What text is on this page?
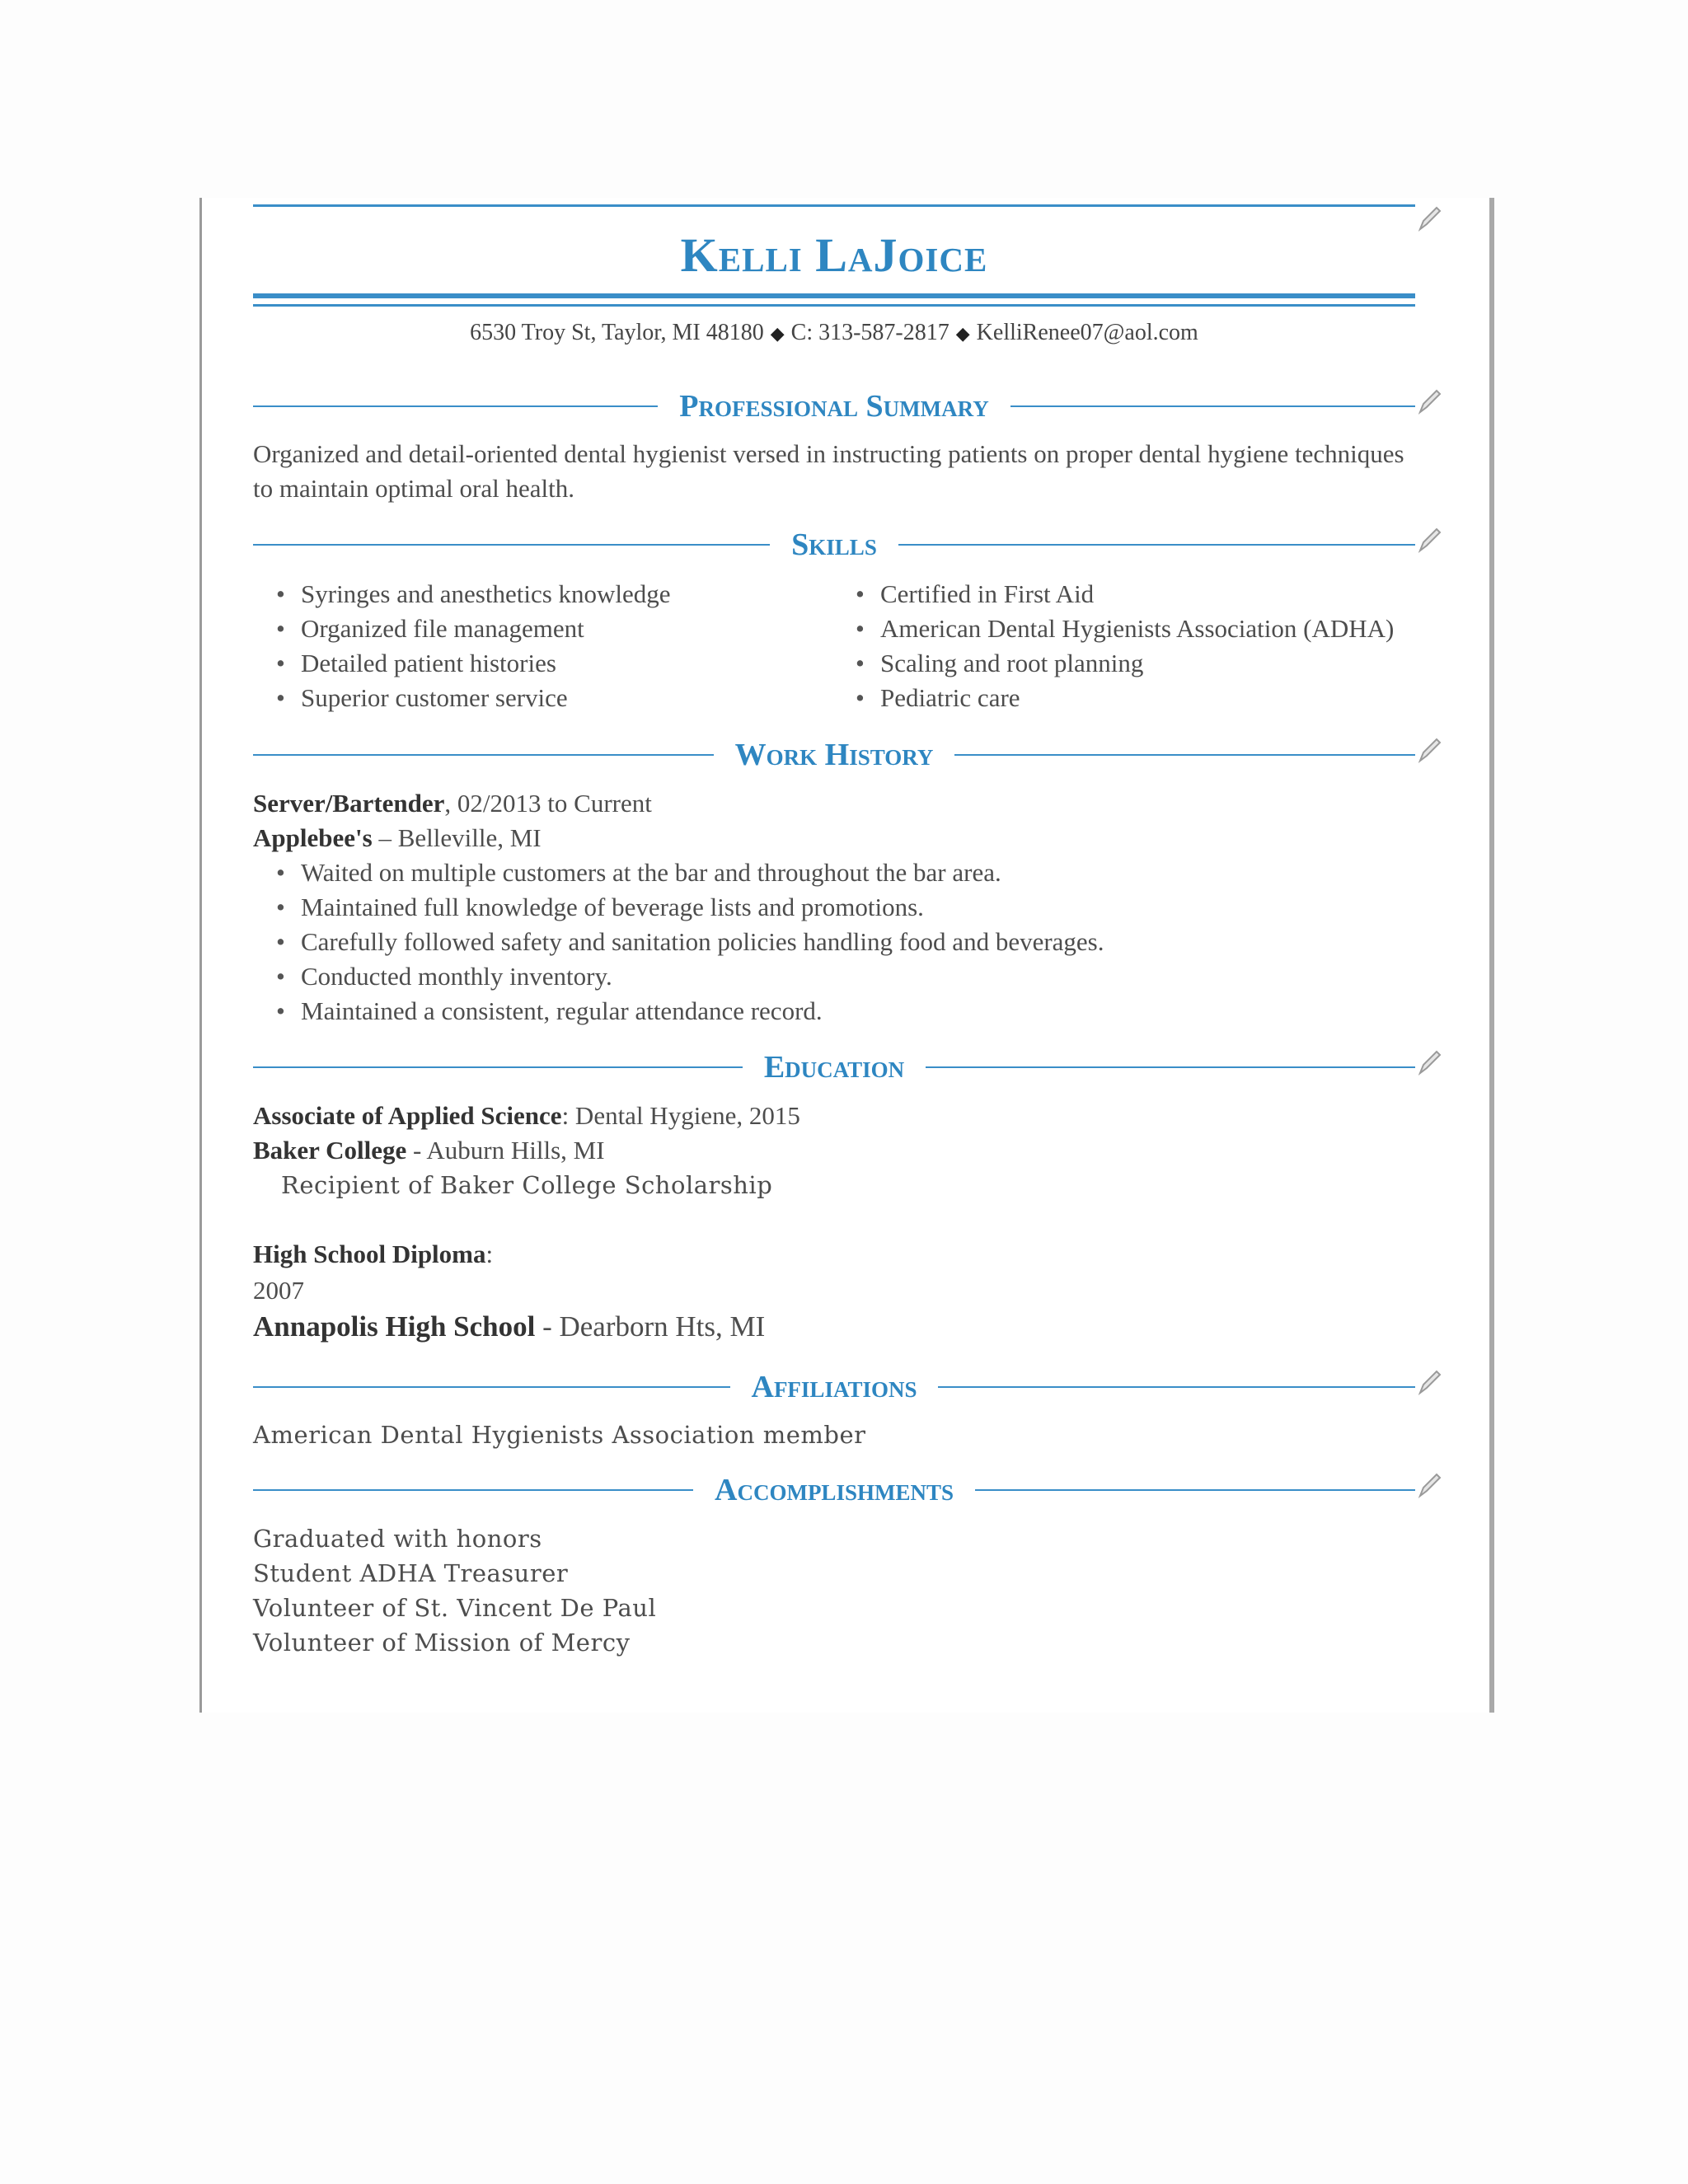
Kelli LaJoice
6530 Troy St, Taylor, MI 48180 ◆ C: 313-587-2817 ◆ KelliRenee07@aol.com
Professional Summary
Organized and detail-oriented dental hygienist versed in instructing patients on proper dental hygiene techniques to maintain optimal oral health.
Skills
• Syringes and anesthetics knowledge
• Organized file management
• Detailed patient histories
• Superior customer service
• Certified in First Aid
• American Dental Hygienists Association (ADHA)
• Scaling and root planning
• Pediatric care
Work History
Server/Bartender, 02/2013 to Current
Applebee's – Belleville, MI
• Waited on multiple customers at the bar and throughout the bar area.
• Maintained full knowledge of beverage lists and promotions.
• Carefully followed safety and sanitation policies handling food and beverages.
• Conducted monthly inventory.
• Maintained a consistent, regular attendance record.
Education
Associate of Applied Science: Dental Hygiene, 2015
Baker College - Auburn Hills, MI
Recipient of Baker College Scholarship
High School Diploma:
2007
Annapolis High School - Dearborn Hts, MI
Affiliations
American Dental Hygienists Association member
Accomplishments
Graduated with honors
Student ADHA Treasurer
Volunteer of St. Vincent De Paul
Volunteer of Mission of Mercy
